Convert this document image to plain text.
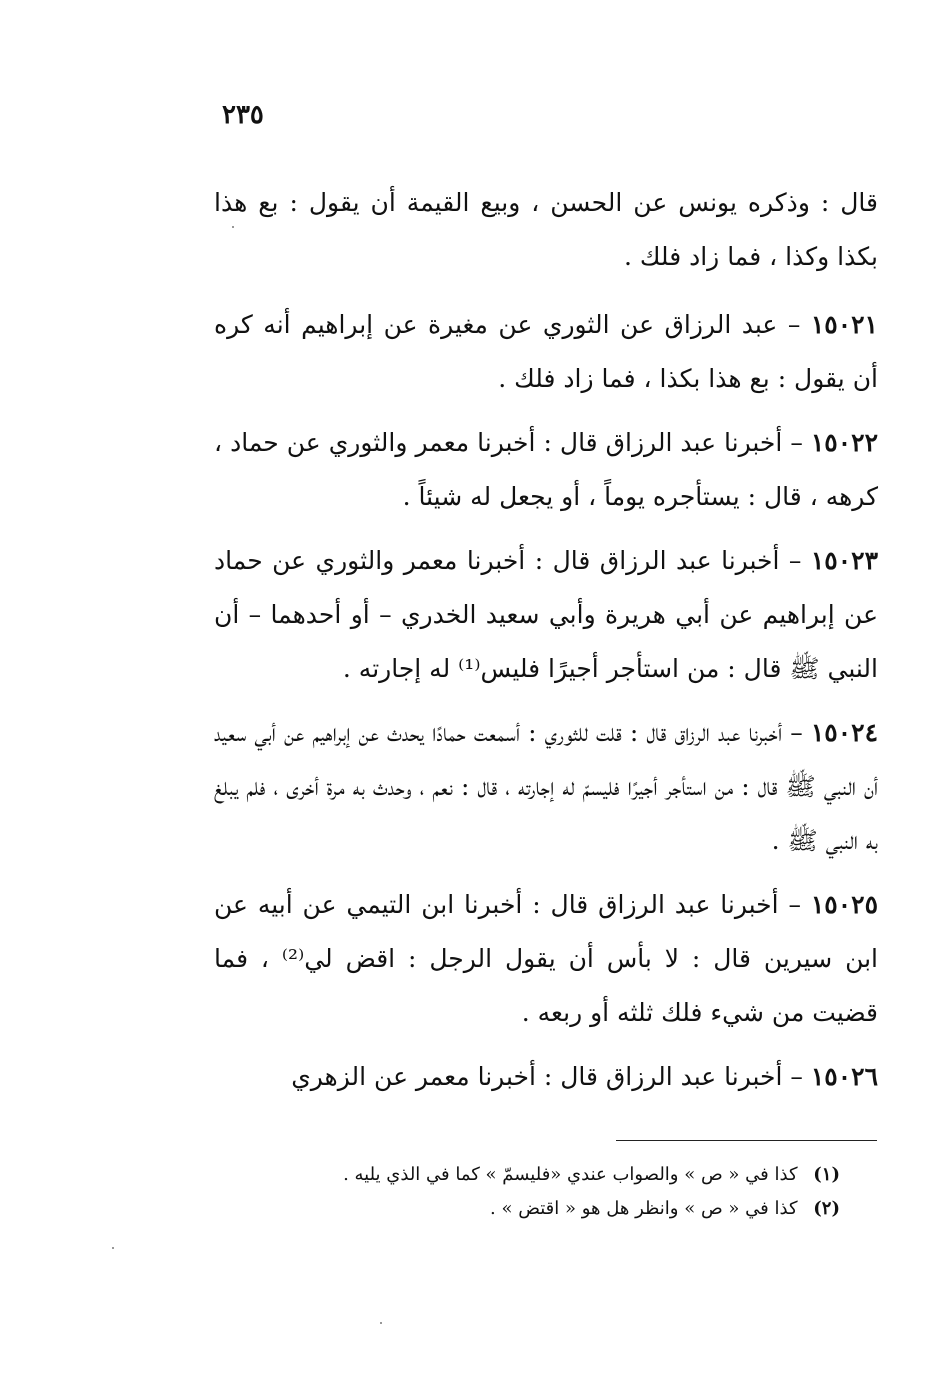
٢٣٥

قال : وذكره يونس عن الحسن ، وبيع القيمة أن يقول : بع هذا بكذا وكذا ، فما زاد فلك .

١٥٠٢١ – عبد الرزاق عن الثوري عن مغيرة عن إبراهيم أنه كره أن يقول : بع هذا بكذا ، فما زاد فلك .

١٥٠٢٢ – أخبرنا عبد الرزاق قال : أخبرنا معمر والثوري عن حماد ، كرهه ، قال : يستأجره يوماً ، أو يجعل له شيئاً .

١٥٠٢٣ – أخبرنا عبد الرزاق قال : أخبرنا معمر والثوري عن حماد عن إبراهيم عن أبي هريرة وأبي سعيد الخدري – أو أحدهما – أن النبي ﷺ قال : من استأجر أجيرًا فليس⁽¹⁾ له إجارته .

١٥٠٢٤ – أخبرنا عبد الرزاق قال : قلت للثوري : أسمعت حمادًا يحدث عن إبراهيم عن أبي سعيد أن النبي ﷺ قال : من استأجر أجيرًا فليسمّ له إجارته ، قال : نعم ، وحدث به مرة أخرى ، فلم يبلغ به النبي ﷺ .

١٥٠٢٥ – أخبرنا عبد الرزاق قال : أخبرنا ابن التيمي عن أبيه عن ابن سيرين قال : لا بأس أن يقول الرجل : اقض لي⁽²⁾ ، فما قضيت من شيء فلك ثلثه أو ربعه .

١٥٠٢٦ – أخبرنا عبد الرزاق قال : أخبرنا معمر عن الزهري

(١) كذا في « ص » والصواب عندي «فليسمّ » كما في الذي يليه .
(٢) كذا في « ص » وانظر هل هو « اقتض » .
